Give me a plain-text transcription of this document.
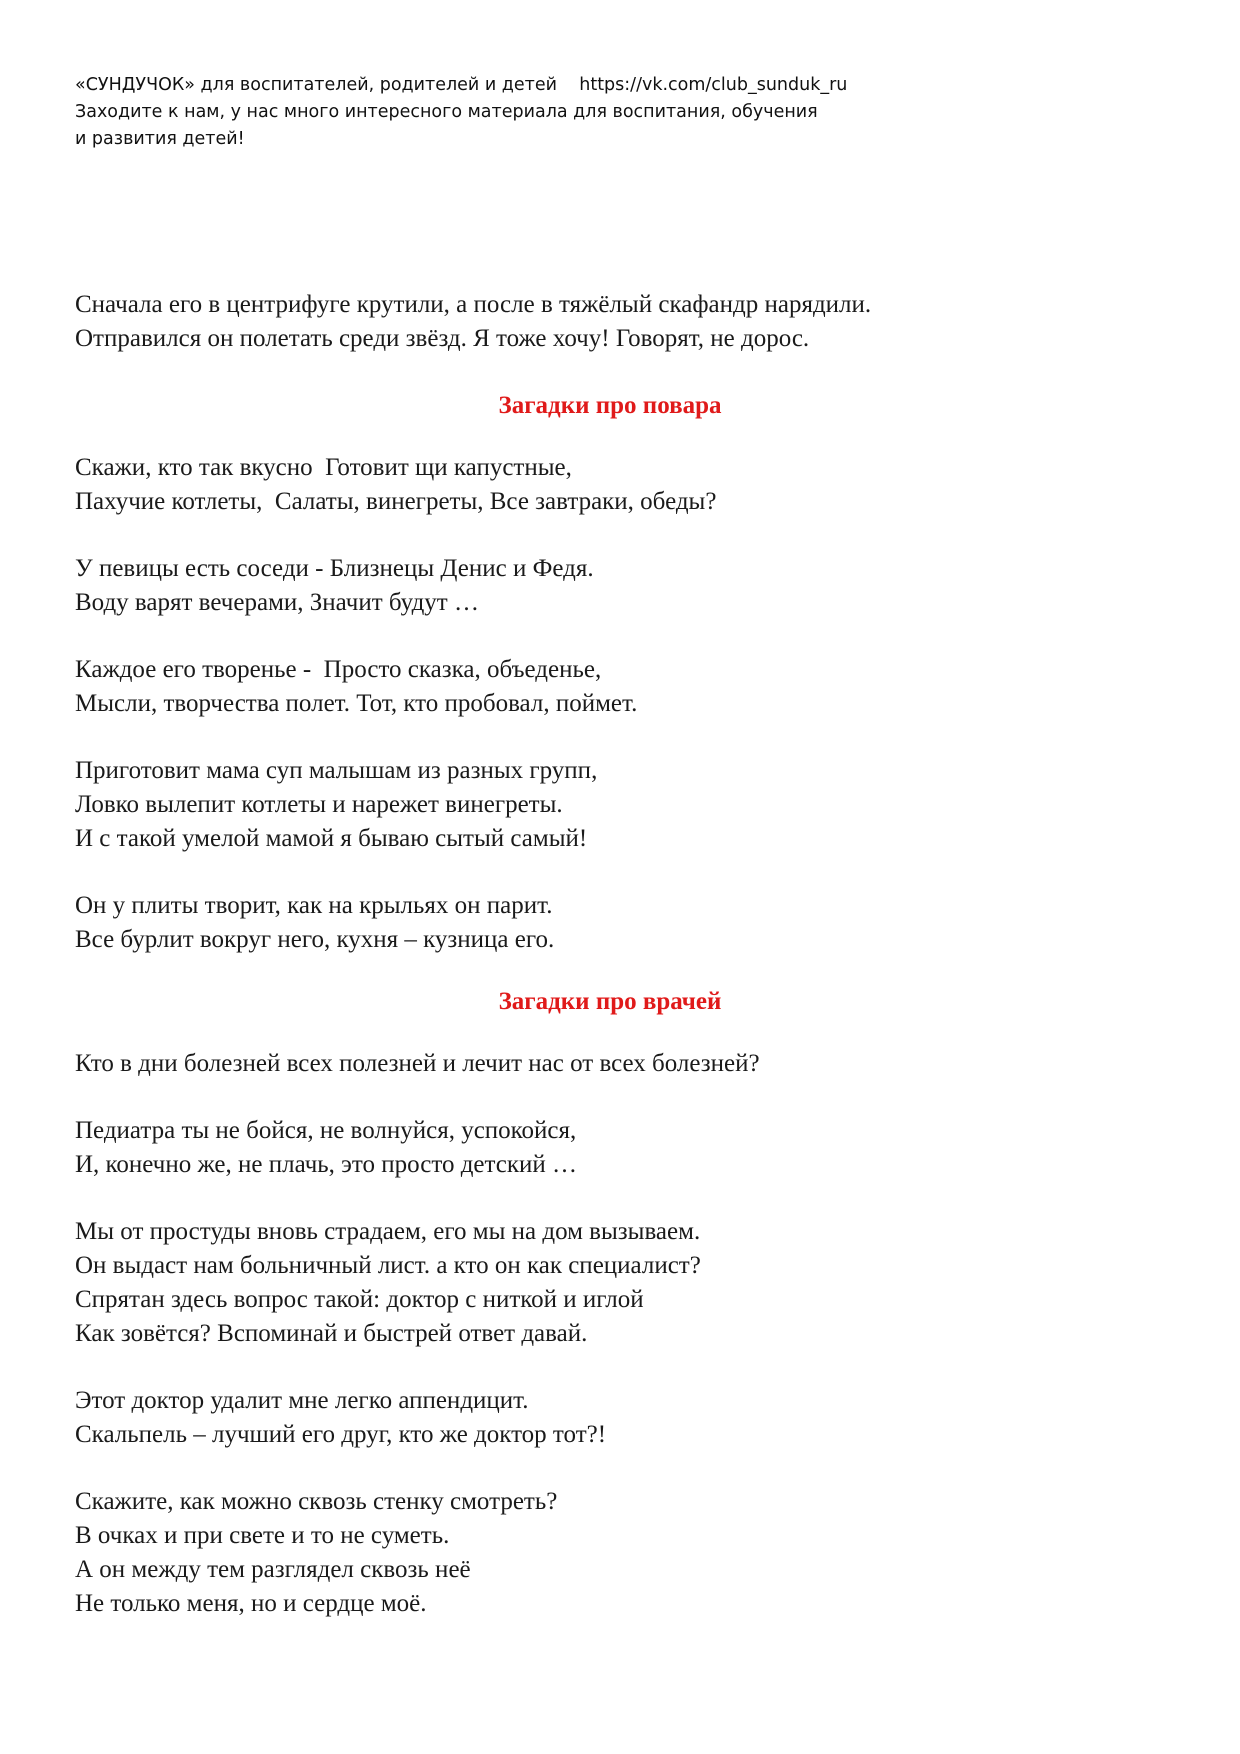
«СУНДУЧОК» для воспитателей, родителей и детей    https://vk.com/club_sunduk_ru
Заходите к нам, у нас много интересного материала для воспитания, обучения
и развития детей!
Сначала его в центрифуге крутили, а после в тяжёлый скафандр нарядили.
Отправился он полетать среди звёзд. Я тоже хочу! Говорят, не дорос.
Загадки про повара
Скажи, кто так вкусно  Готовит щи капустные,
Пахучие котлеты,  Салаты, винегреты, Все завтраки, обеды?
У певицы есть соседи - Близнецы Денис и Федя.
Воду варят вечерами, Значит будут …
Каждое его творенье -  Просто сказка, объеденье,
Мысли, творчества полет. Тот, кто пробовал, поймет.
Приготовит мама суп малышам из разных групп,
Ловко вылепит котлеты и нарежет винегреты.
И с такой умелой мамой я бываю сытый самый!
Он у плиты творит, как на крыльях он парит.
Все бурлит вокруг него, кухня – кузница его.
Загадки про врачей
Кто в дни болезней всех полезней и лечит нас от всех болезней?
Педиатра ты не бойся, не волнуйся, успокойся,
И, конечно же, не плачь, это просто детский …
Мы от простуды вновь страдаем, его мы на дом вызываем.
Он выдаст нам больничный лист. а кто он как специалист?
Спрятан здесь вопрос такой: доктор с ниткой и иглой
Как зовётся? Вспоминай и быстрей ответ давай.
Этот доктор удалит мне легко аппендицит.
Скальпель – лучший его друг, кто же доктор тот?!
Скажите, как можно сквозь стенку смотреть?
В очках и при свете и то не суметь.
А он между тем разглядел сквозь неё
Не только меня, но и сердце моё.
